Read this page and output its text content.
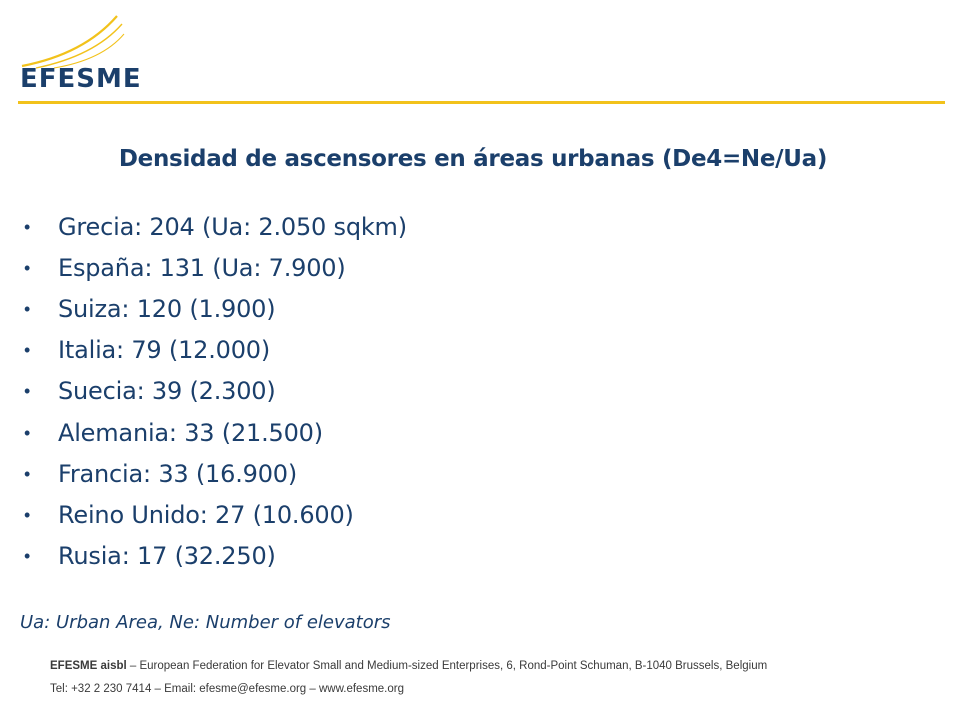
EFESME
Densidad de ascensores en áreas urbanas (De4=Ne/Ua)
•	Grecia: 204 (Ua: 2.050 sqkm)
•	España: 131 (Ua: 7.900)
•	Suiza: 120 (1.900)
•	Italia: 79 (12.000)
•	Suecia: 39 (2.300)
•	Alemania: 33 (21.500)
•	Francia: 33 (16.900)
•	Reino Unido: 27 (10.600)
•	Rusia: 17 (32.250)
Ua: Urban Area, Ne: Number of elevators
EFESME aisbl – European Federation for Elevator Small and Medium-sized Enterprises, 6, Rond-Point Schuman, B-1040 Brussels, Belgium
Tel: +32 2 230 7414 – Email: efesme@efesme.org – www.efesme.org
